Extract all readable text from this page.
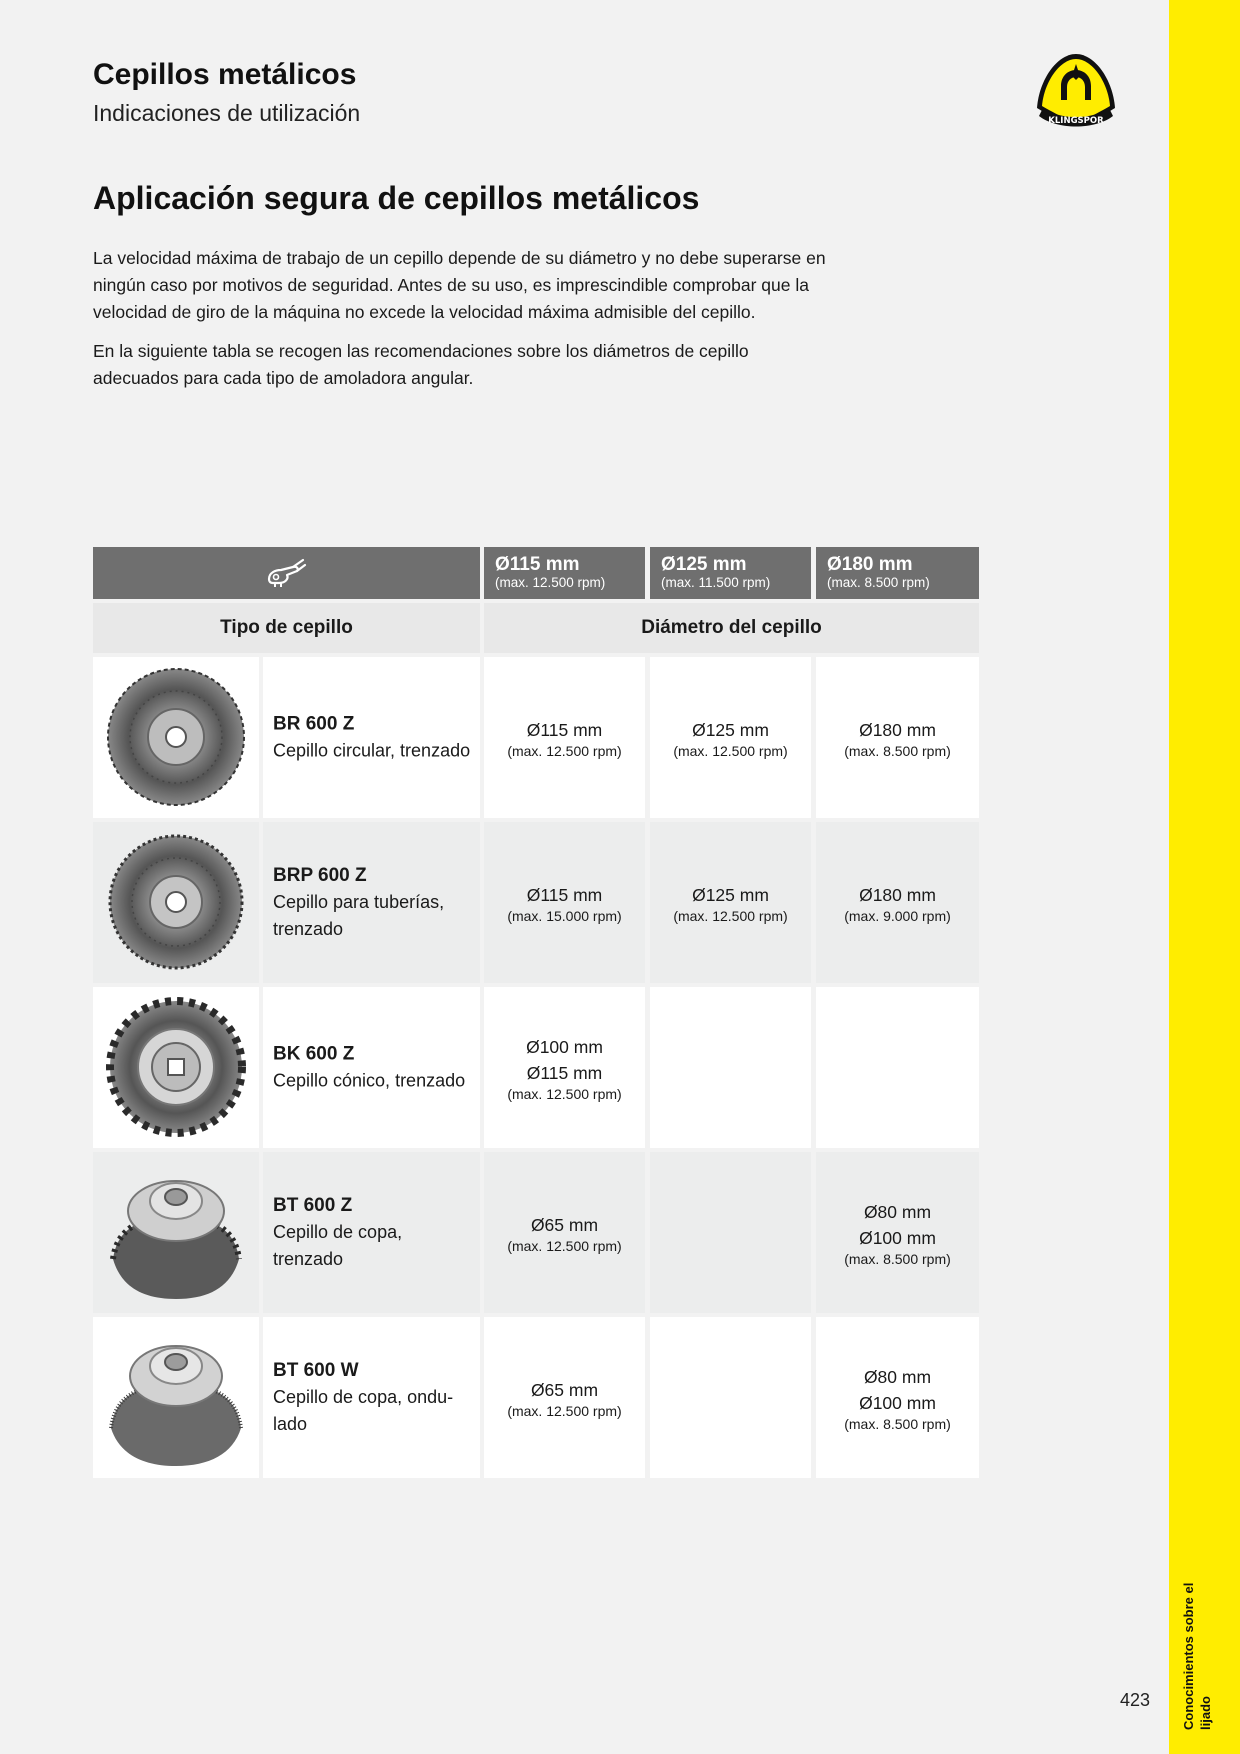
Conocimientos sobre el lijado
423
KLINGSPOR
Cepillos metálicos
Indicaciones de utilización
Aplicación segura de cepillos metálicos

La velocidad máxima de trabajo de un cepillo depende de su diámetro y no debe superarse en ningún caso por motivos de seguridad. Antes de su uso, es imprescindible comprobar que la velocidad de giro de la máquina no excede la velocidad máxima admisible del cepillo.

En la siguiente tabla se recogen las recomendaciones sobre los diámetros de cepillo adecuados para cada tipo de amoladora angular.

Ø115 mm
(max. 12.500 rpm)
Ø125 mm
(max. 11.500 rpm)
Ø180 mm
(max. 8.500 rpm)
Tipo de cepillo	Diámetro del cepillo
BR 600 Z
Cepillo circular, trenzado
Ø115 mm
(max. 12.500 rpm)
Ø125 mm
(max. 12.500 rpm)
Ø180 mm
(max. 8.500 rpm)
BRP 600 Z
Cepillo para tuberías, trenzado
Ø115 mm
(max. 15.000 rpm)
Ø125 mm
(max. 12.500 rpm)
Ø180 mm
(max. 9.000 rpm)
BK 600 Z
Cepillo cónico, trenzado
Ø100 mm
Ø115 mm
(max. 12.500 rpm)
BT 600 Z
Cepillo de copa, trenzado
Ø65 mm
(max. 12.500 rpm)
Ø80 mm
Ø100 mm
(max. 8.500 rpm)
BT 600 W
Cepillo de copa, ondu-lado
Ø65 mm
(max. 12.500 rpm)
Ø80 mm
Ø100 mm
(max. 8.500 rpm)
